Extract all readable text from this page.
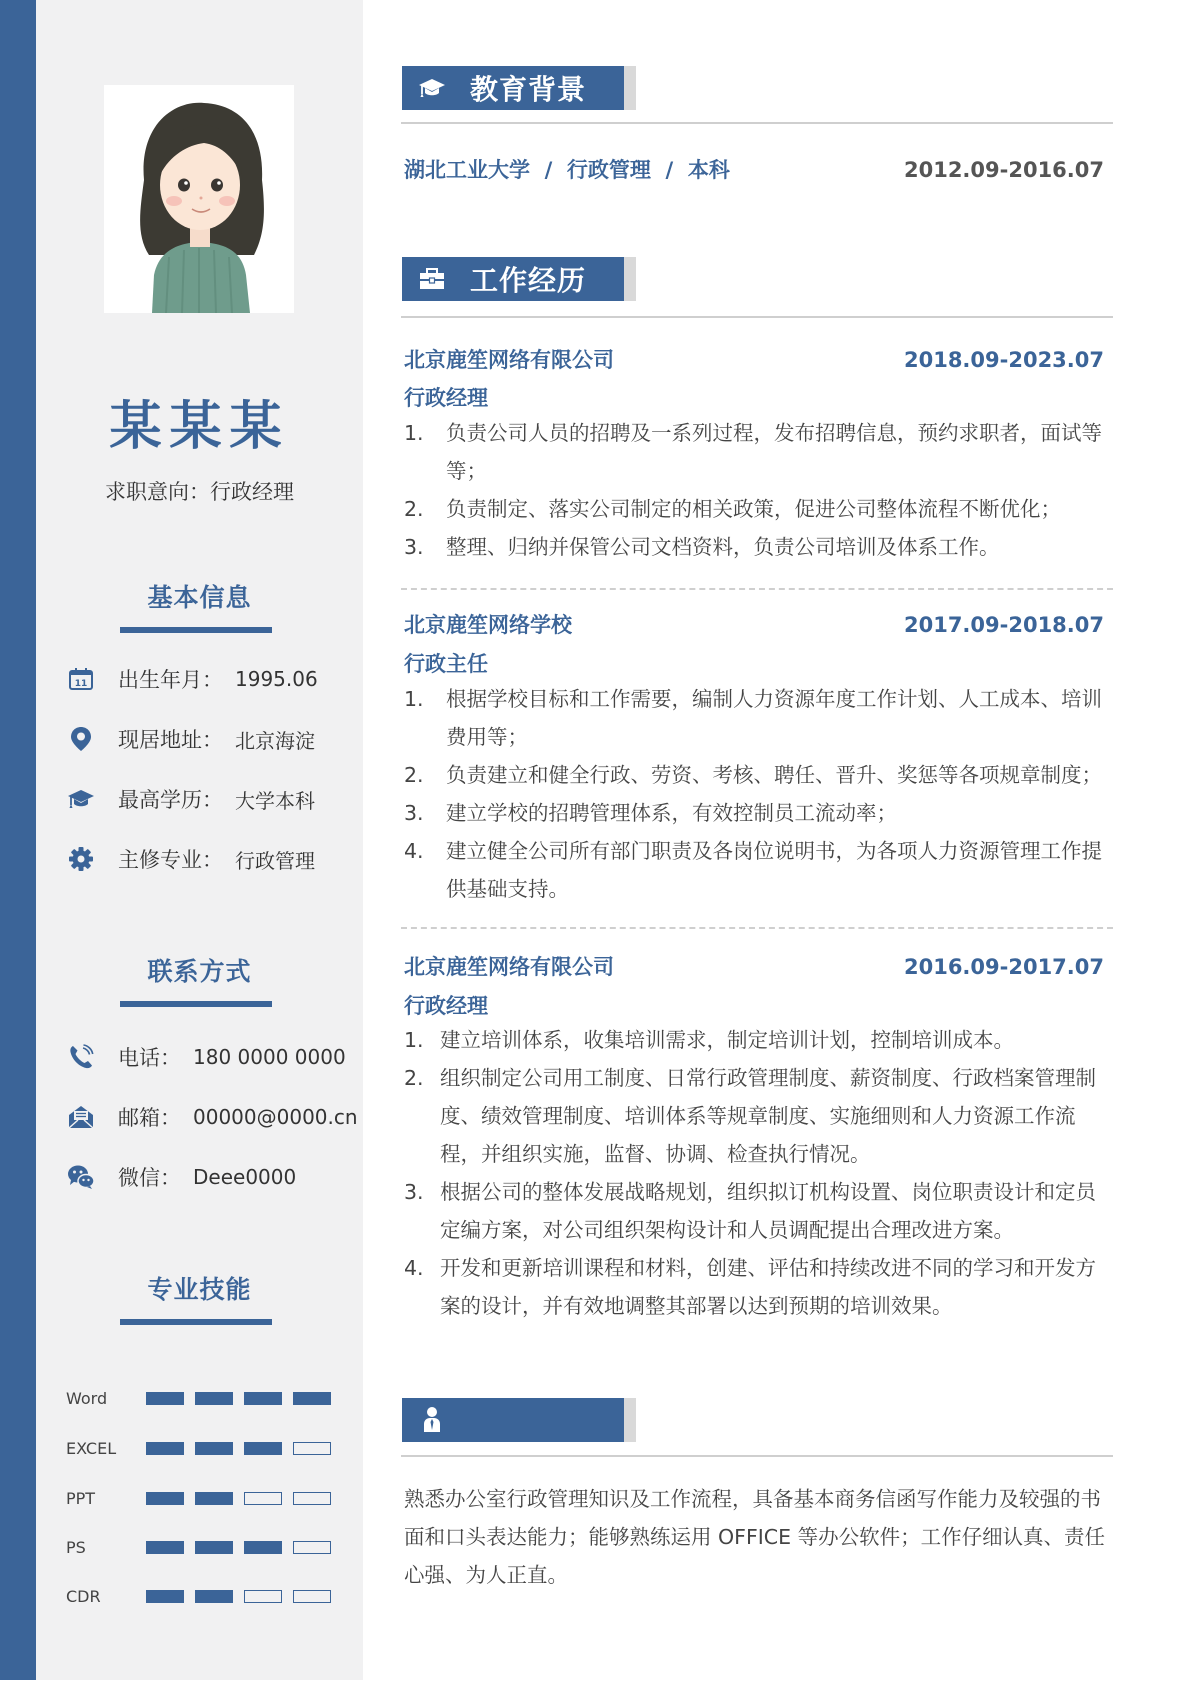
某某某
求职意向：行政经理
基本信息
11 出生年月： 1995.06
现居地址： 北京海淀
最高学历： 大学本科
主修专业： 行政管理
联系方式
电话： 180 0000 0000
邮箱： 00000@0000.cn
微信： Deee0000
专业技能
Word
EXCEL
PPT
PS
CDR
教育背景
湖北工业大学 / 行政管理 / 本科	2012.09-2016.07
工作经历
北京鹿笙网络有限公司	2018.09-2023.07
行政经理
1.	负责公司人员的招聘及一系列过程，发布招聘信息，预约求职者，面试等等；
2.	负责制定、落实公司制定的相关政策，促进公司整体流程不断优化；
3.	整理、归纳并保管公司文档资料，负责公司培训及体系工作。
北京鹿笙网络学校	2017.09-2018.07
行政主任
1.	根据学校目标和工作需要，编制人力资源年度工作计划、人工成本、培训费用等；
2.	负责建立和健全行政、劳资、考核、聘任、晋升、奖惩等各项规章制度；
3.	建立学校的招聘管理体系，有效控制员工流动率；
4.	建立健全公司所有部门职责及各岗位说明书，为各项人力资源管理工作提供基础支持。
北京鹿笙网络有限公司	2016.09-2017.07
行政经理
1. 建立培训体系，收集培训需求，制定培训计划，控制培训成本。
2. 组织制定公司用工制度、日常行政管理制度、薪资制度、行政档案管理制度、绩效管理制度、培训体系等规章制度、实施细则和人力资源工作流程，并组织实施，监督、协调、检查执行情况。
3. 根据公司的整体发展战略规划，组织拟订机构设置、岗位职责设计和定员定编方案，对公司组织架构设计和人员调配提出合理改进方案。
4. 开发和更新培训课程和材料，创建、评估和持续改进不同的学习和开发方案的设计，并有效地调整其部署以达到预期的培训效果。
熟悉办公室行政管理知识及工作流程，具备基本商务信函写作能力及较强的书面和口头表达能力；能够熟练运用 OFFICE 等办公软件；工作仔细认真、责任心强、为人正直。
